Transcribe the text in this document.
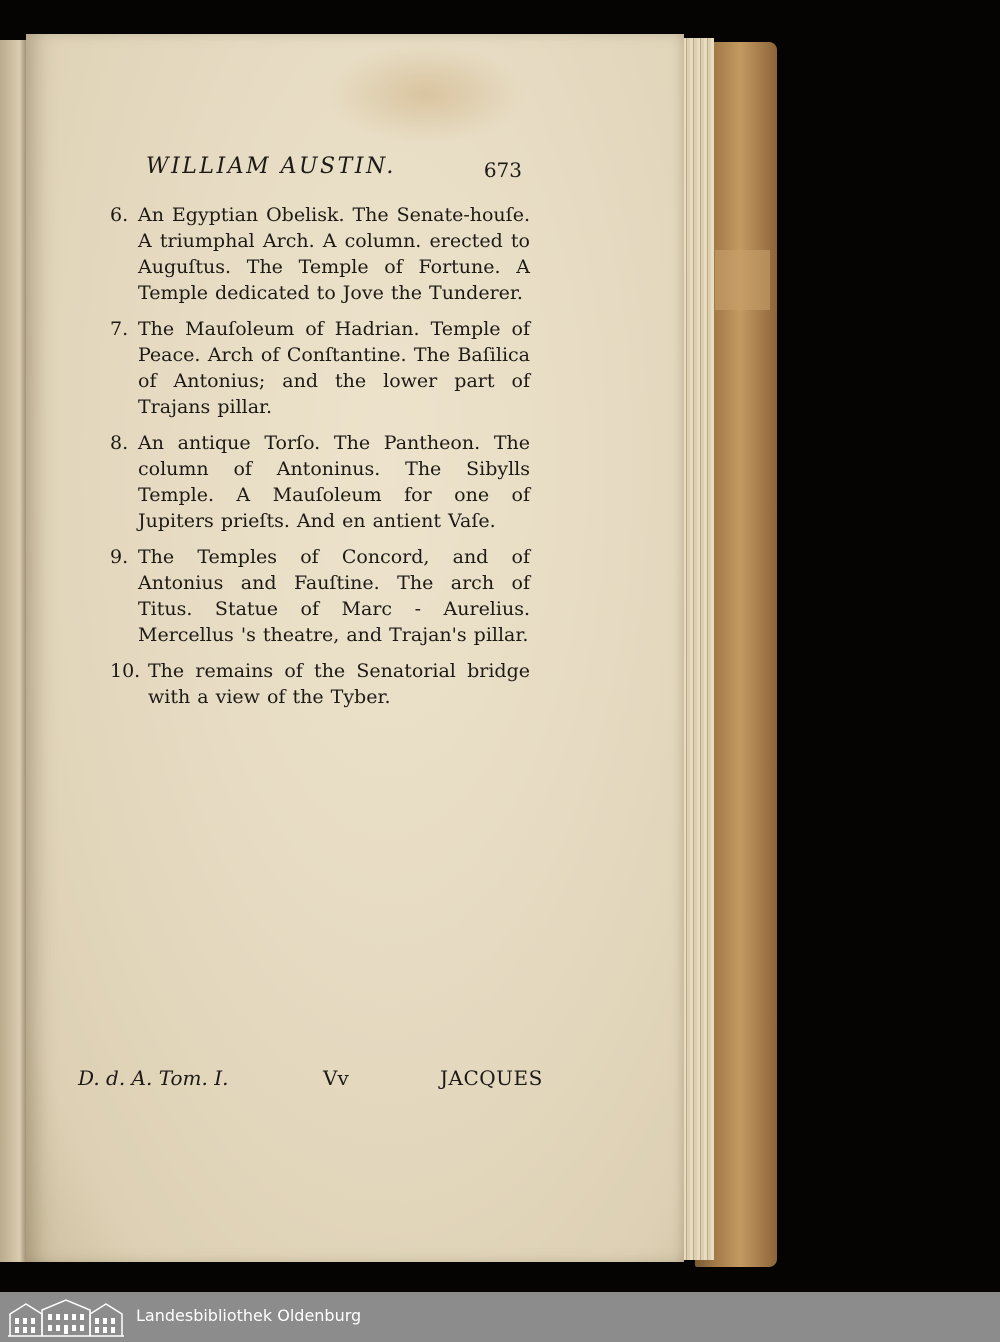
WILLIAM AUSTIN.	673
6. An Egyptian Obelisk. The Senate-houſe. A triumphal Arch. A column. erected to Auguſtus. The Temple of Fortune. A Temple dedicated to Jove the Tunderer.
7. The Mauſoleum of Hadrian. Temple of Peace. Arch of Conſtantine. The Baſilica of Antonius; and the lower part of Trajans pillar.
8. An antique Torſo. The Pantheon. The column of Antoninus. The Sibylls Temple. A Mauſoleum for one of Jupiters prieſts. And en antient Vaſe.
9. The Temples of Concord, and of Antonius and Fauſtine. The arch of Titus. Statue of Marc - Aurelius. Mercellus 's theatre, and Trajan's pillar.
10. The remains of the Senatorial bridge with a view of the Tyber.
D. d. A. Tom. I.	Vv	JACQUES
Landesbibliothek Oldenburg
